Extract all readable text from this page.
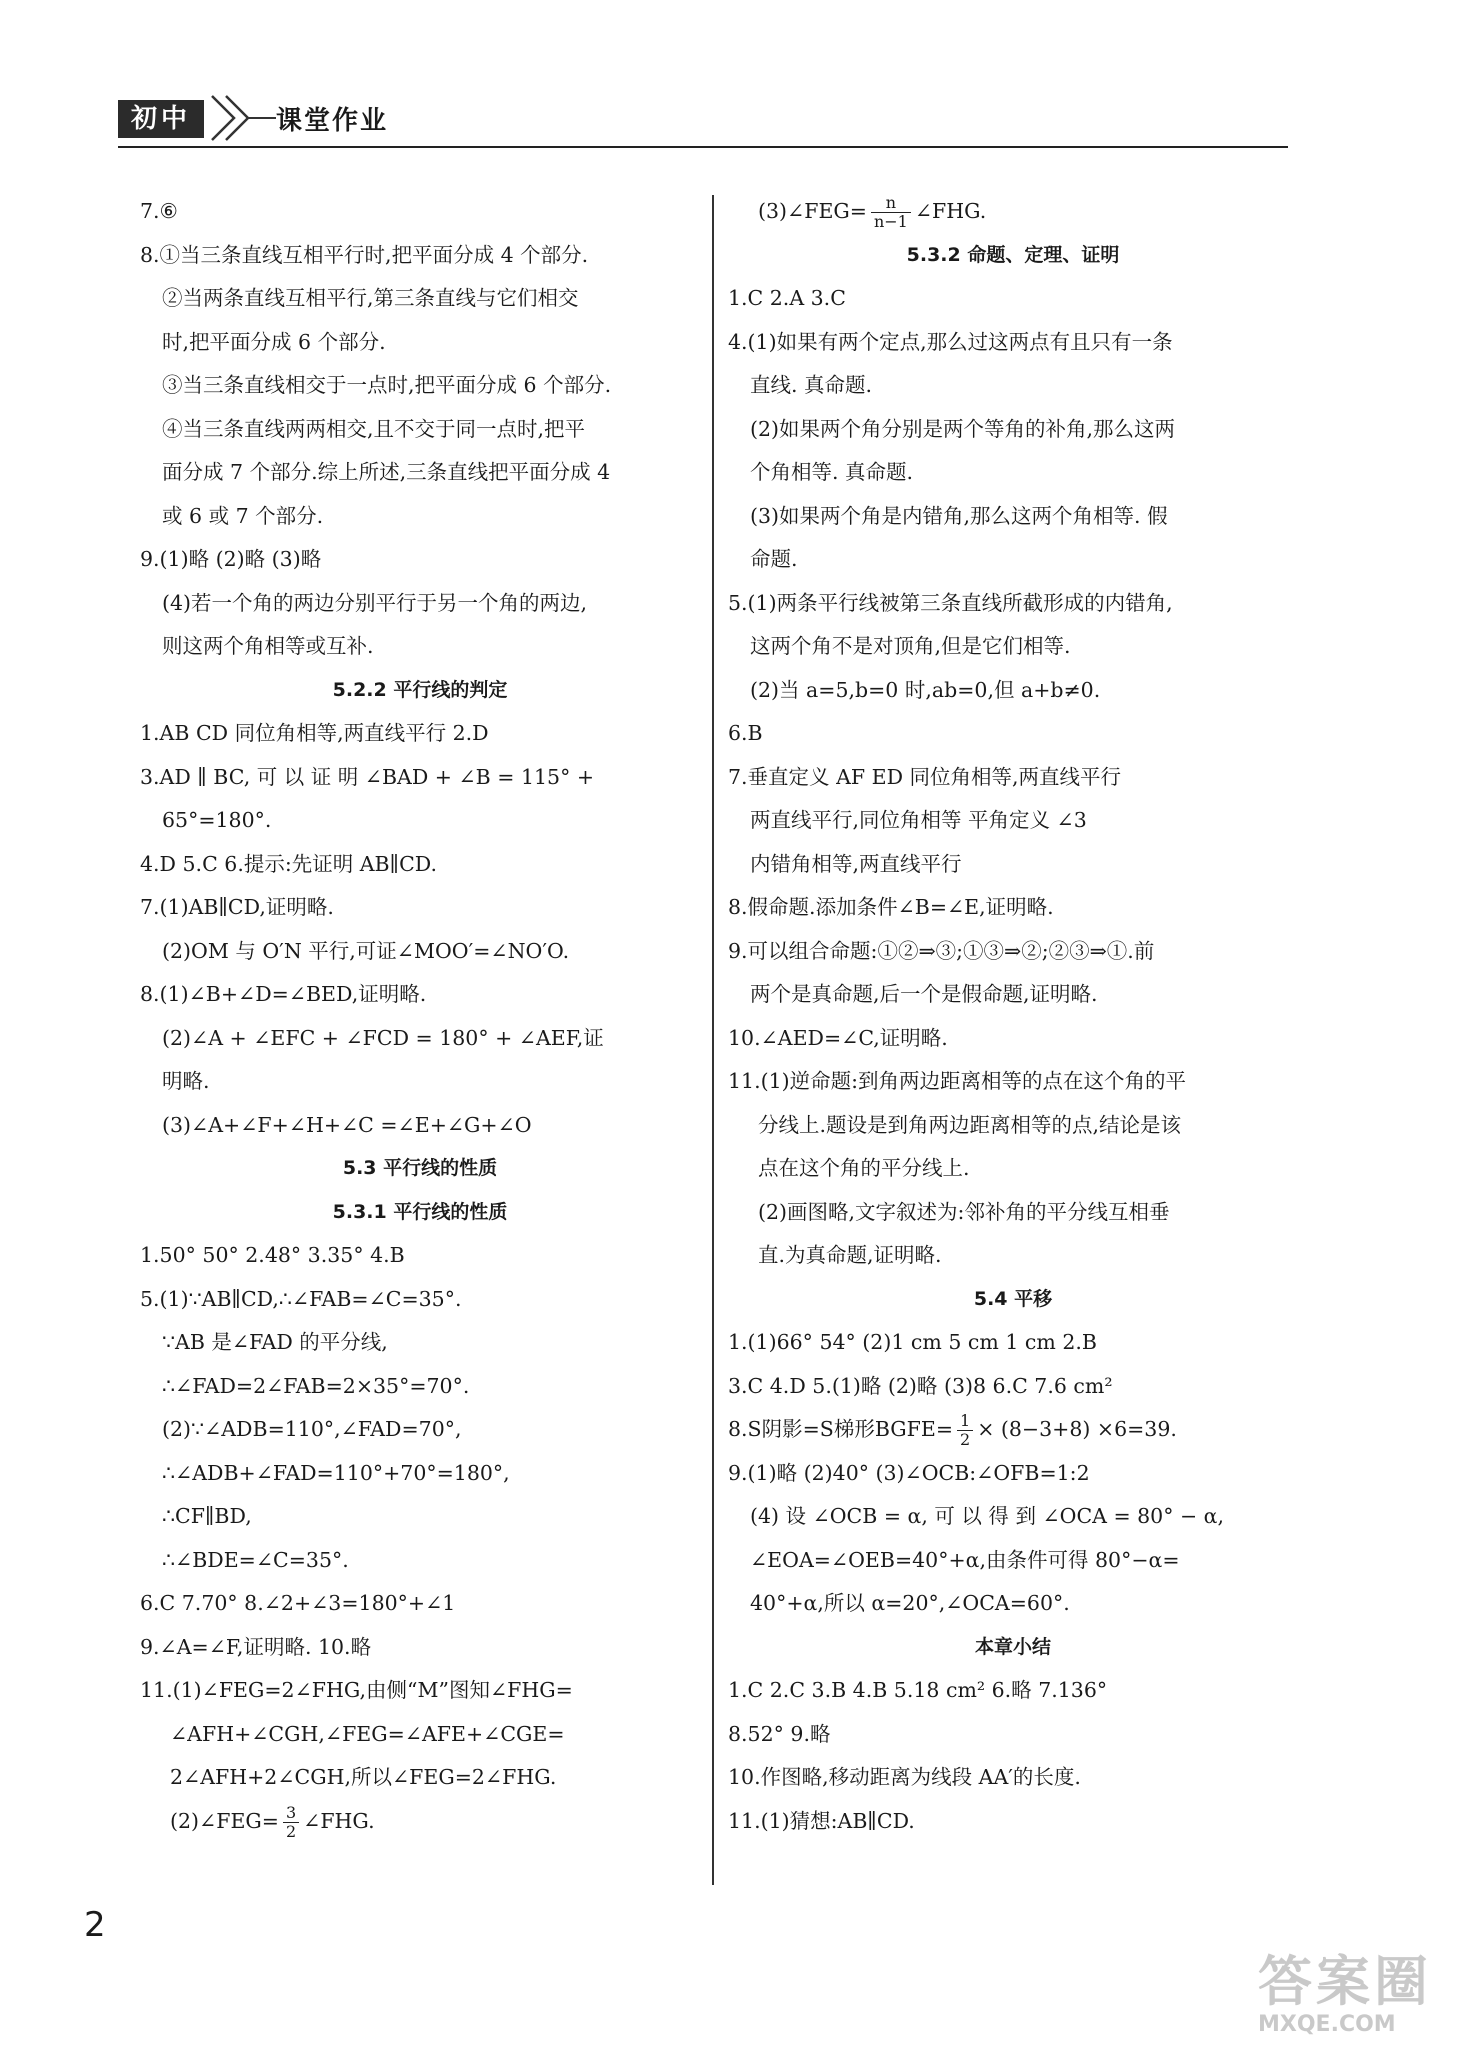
初中	课堂作业
7.⑥
8.①当三条直线互相平行时,把平面分成 4 个部分.
②当两条直线互相平行,第三条直线与它们相交
时,把平面分成 6 个部分.
③当三条直线相交于一点时,把平面分成 6 个部分.
④当三条直线两两相交,且不交于同一点时,把平
面分成 7 个部分.综上所述,三条直线把平面分成 4
或 6 或 7 个部分.
9.(1)略 (2)略 (3)略
(4)若一个角的两边分别平行于另一个角的两边,
则这两个角相等或互补.
5.2.2 平行线的判定
1.AB CD 同位角相等,两直线平行 2.D
3.AD ∥ BC, 可 以 证 明 ∠BAD + ∠B = 115° +
65°=180°.
4.D 5.C 6.提示:先证明 AB∥CD.
7.(1)AB∥CD,证明略.
(2)OM 与 O′N 平行,可证∠MOO′=∠NO′O.
8.(1)∠B+∠D=∠BED,证明略.
(2)∠A + ∠EFC + ∠FCD = 180° + ∠AEF,证
明略.
(3)∠A+∠F+∠H+∠C =∠E+∠G+∠O
5.3 平行线的性质
5.3.1 平行线的性质
1.50° 50° 2.48° 3.35° 4.B
5.(1)∵AB∥CD,∴∠FAB=∠C=35°.
∵AB 是∠FAD 的平分线,
∴∠FAD=2∠FAB=2×35°=70°.
(2)∵∠ADB=110°,∠FAD=70°,
∴∠ADB+∠FAD=110°+70°=180°,
∴CF∥BD,
∴∠BDE=∠C=35°.
6.C 7.70° 8.∠2+∠3=180°+∠1
9.∠A=∠F,证明略. 10.略
11.(1)∠FEG=2∠FHG,由侧“M”图知∠FHG=
∠AFH+∠CGH,∠FEG=∠AFE+∠CGE=
2∠AFH+2∠CGH,所以∠FEG=2∠FHG.
(2)∠FEG= $\frac{3}{2}$ ∠FHG.
(3)∠FEG= $\frac{n}{n-1}$ ∠FHG.
5.3.2 命题、定理、证明
1.C 2.A 3.C
4.(1)如果有两个定点,那么过这两点有且只有一条
直线. 真命题.
(2)如果两个角分别是两个等角的补角,那么这两
个角相等. 真命题.
(3)如果两个角是内错角,那么这两个角相等. 假
命题.
5.(1)两条平行线被第三条直线所截形成的内错角,
这两个角不是对顶角,但是它们相等.
(2)当 a=5,b=0 时,ab=0,但 a+b≠0.
6.B
7.垂直定义 AF ED 同位角相等,两直线平行
两直线平行,同位角相等 平角定义 ∠3
内错角相等,两直线平行
8.假命题.添加条件∠B=∠E,证明略.
9.可以组合命题:①②⇒③;①③⇒②;②③⇒①.前
两个是真命题,后一个是假命题,证明略.
10.∠AED=∠C,证明略.
11.(1)逆命题:到角两边距离相等的点在这个角的平
分线上.题设是到角两边距离相等的点,结论是该
点在这个角的平分线上.
(2)画图略,文字叙述为:邻补角的平分线互相垂
直.为真命题,证明略.
5.4 平移
1.(1)66° 54° (2)1 cm 5 cm 1 cm 2.B
3.C 4.D 5.(1)略 (2)略 (3)8 6.C 7.6 cm²
8.S阴影=S梯形BGFE= $\frac{1}{2} \times (8-3+8) \times 6=39$.
9.(1)略 (2)40° (3)∠OCB:∠OFB=1:2
(4) 设 ∠OCB = α, 可 以 得 到 ∠OCA = 80° − α,
∠EOA=∠OEB=40°+α,由条件可得 80°−α=
40°+α,所以 α=20°,∠OCA=60°.
本章小结
1.C 2.C 3.B 4.B 5.18 cm² 6.略 7.136°
8.52° 9.略
10.作图略,移动距离为线段 AA′的长度.
11.(1)猜想:AB∥CD.
2
答案圈
MXQE.COM
